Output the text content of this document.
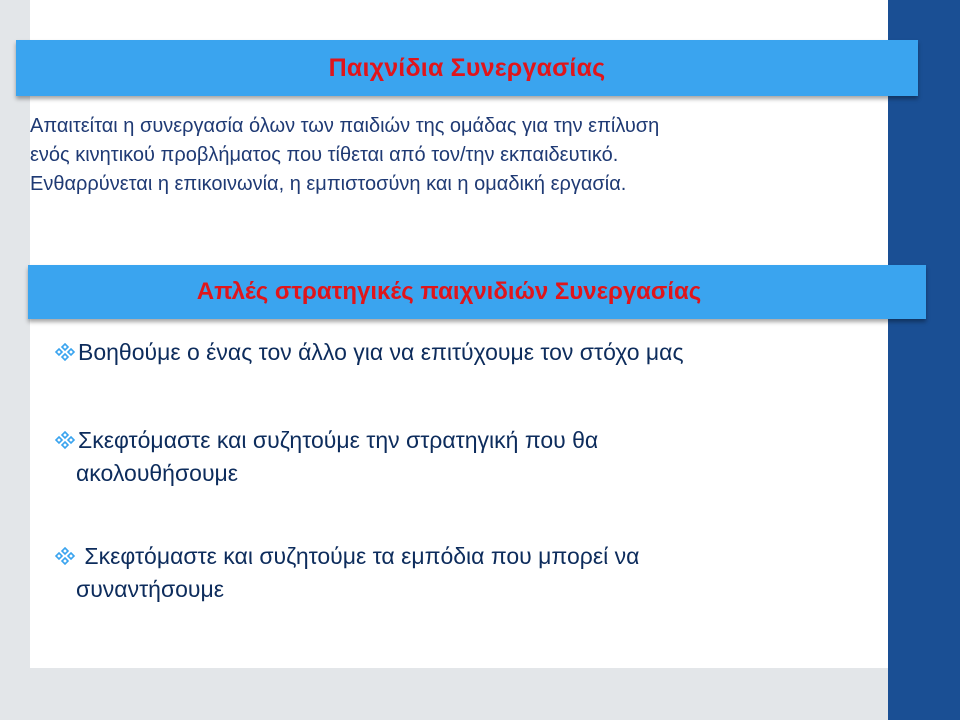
Παιχνίδια Συνεργασίας
Απαιτείται η συνεργασία όλων των παιδιών της ομάδας για την επίλυση
ενός κινητικού προβλήματος που τίθεται από τον/την εκπαιδευτικό.
Ενθαρρύνεται η επικοινωνία, η εμπιστοσύνη και η ομαδική εργασία.
Απλές στρατηγικές παιχνιδιών Συνεργασίας
Βοηθούμε ο ένας τον άλλο για να επιτύχουμε τον στόχο μας
Σκεφτόμαστε και συζητούμε την στρατηγική που θα
ακολουθήσουμε
Σκεφτόμαστε και συζητούμε τα εμπόδια που μπορεί να
συναντήσουμε
